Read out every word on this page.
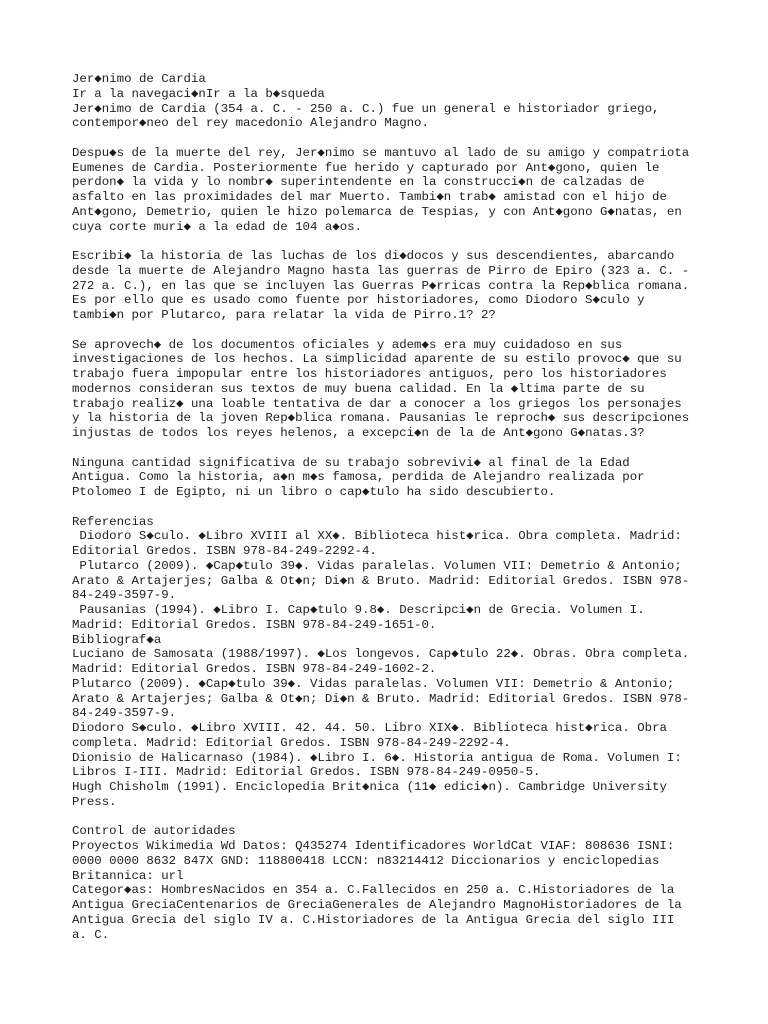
Jer◆nimo de Cardia
Ir a la navegaci◆nIr a la b◆squeda
Jer◆nimo de Cardia (354 a. C. - 250 a. C.) fue un general e historiador griego,
contempor◆neo del rey macedonio Alejandro Magno.
Despu◆s de la muerte del rey, Jer◆nimo se mantuvo al lado de su amigo y compatriota
Eumenes de Cardia. Posteriormente fue herido y capturado por Ant◆gono, quien le
perdon◆ la vida y lo nombr◆ superintendente en la construcci◆n de calzadas de
asfalto en las proximidades del mar Muerto. Tambi◆n trab◆ amistad con el hijo de
Ant◆gono, Demetrio, quien le hizo polemarca de Tespias, y con Ant◆gono G◆natas, en
cuya corte muri◆ a la edad de 104 a◆os.
Escribi◆ la historia de las luchas de los di◆docos y sus descendientes, abarcando
desde la muerte de Alejandro Magno hasta las guerras de Pirro de Epiro (323 a. C. -
272 a. C.), en las que se incluyen las Guerras P◆rricas contra la Rep◆blica romana.
Es por ello que es usado como fuente por historiadores, como Diodoro S◆culo y
tambi◆n por Plutarco, para relatar la vida de Pirro.1? 2?
Se aprovech◆ de los documentos oficiales y adem◆s era muy cuidadoso en sus
investigaciones de los hechos. La simplicidad aparente de su estilo provoc◆ que su
trabajo fuera impopular entre los historiadores antiguos, pero los historiadores
modernos consideran sus textos de muy buena calidad. En la ◆ltima parte de su
trabajo realiz◆ una loable tentativa de dar a conocer a los griegos los personajes
y la historia de la joven Rep◆blica romana. Pausanias le reproch◆ sus descripciones
injustas de todos los reyes helenos, a excepci◆n de la de Ant◆gono G◆natas.3?
Ninguna cantidad significativa de su trabajo sobrevivi◆ al final de la Edad
Antigua. Como la historia, a◆n m◆s famosa, perdida de Alejandro realizada por
Ptolomeo I de Egipto, ni un libro o cap◆tulo ha sido descubierto.
Referencias
Diodoro S◆culo. ◆Libro XVIII al XX◆. Biblioteca hist◆rica. Obra completa. Madrid:
Editorial Gredos. ISBN 978-84-249-2292-4.
Plutarco (2009). ◆Cap◆tulo 39◆. Vidas paralelas. Volumen VII: Demetrio & Antonio;
Arato & Artajerjes; Galba & Ot◆n; Di◆n & Bruto. Madrid: Editorial Gredos. ISBN 978-
84-249-3597-9.
Pausanias (1994). ◆Libro I. Cap◆tulo 9.8◆. Descripci◆n de Grecia. Volumen I.
Madrid: Editorial Gredos. ISBN 978-84-249-1651-0.
Bibliograf◆a
Luciano de Samosata (1988/1997). ◆Los longevos. Cap◆tulo 22◆. Obras. Obra completa.
Madrid: Editorial Gredos. ISBN 978-84-249-1602-2.
Plutarco (2009). ◆Cap◆tulo 39◆. Vidas paralelas. Volumen VII: Demetrio & Antonio;
Arato & Artajerjes; Galba & Ot◆n; Di◆n & Bruto. Madrid: Editorial Gredos. ISBN 978-
84-249-3597-9.
Diodoro S◆culo. ◆Libro XVIII. 42. 44. 50. Libro XIX◆. Biblioteca hist◆rica. Obra
completa. Madrid: Editorial Gredos. ISBN 978-84-249-2292-4.
Dionisio de Halicarnaso (1984). ◆Libro I. 6◆. Historia antigua de Roma. Volumen I:
Libros I-III. Madrid: Editorial Gredos. ISBN 978-84-249-0950-5.
Hugh Chisholm (1991). Enciclopedia Brit◆nica (11◆ edici◆n). Cambridge University
Press.
Control de autoridades
Proyectos Wikimedia Wd Datos: Q435274 Identificadores WorldCat VIAF: 808636 ISNI:
0000 0000 8632 847X GND: 118800418 LCCN: n83214412 Diccionarios y enciclopedias
Britannica: url
Categor◆as: HombresNacidos en 354 a. C.Fallecidos en 250 a. C.Historiadores de la
Antigua GreciaCentenarios de GreciaGenerales de Alejandro MagnoHistoriadores de la
Antigua Grecia del siglo IV a. C.Historiadores de la Antigua Grecia del siglo III
a. C.
